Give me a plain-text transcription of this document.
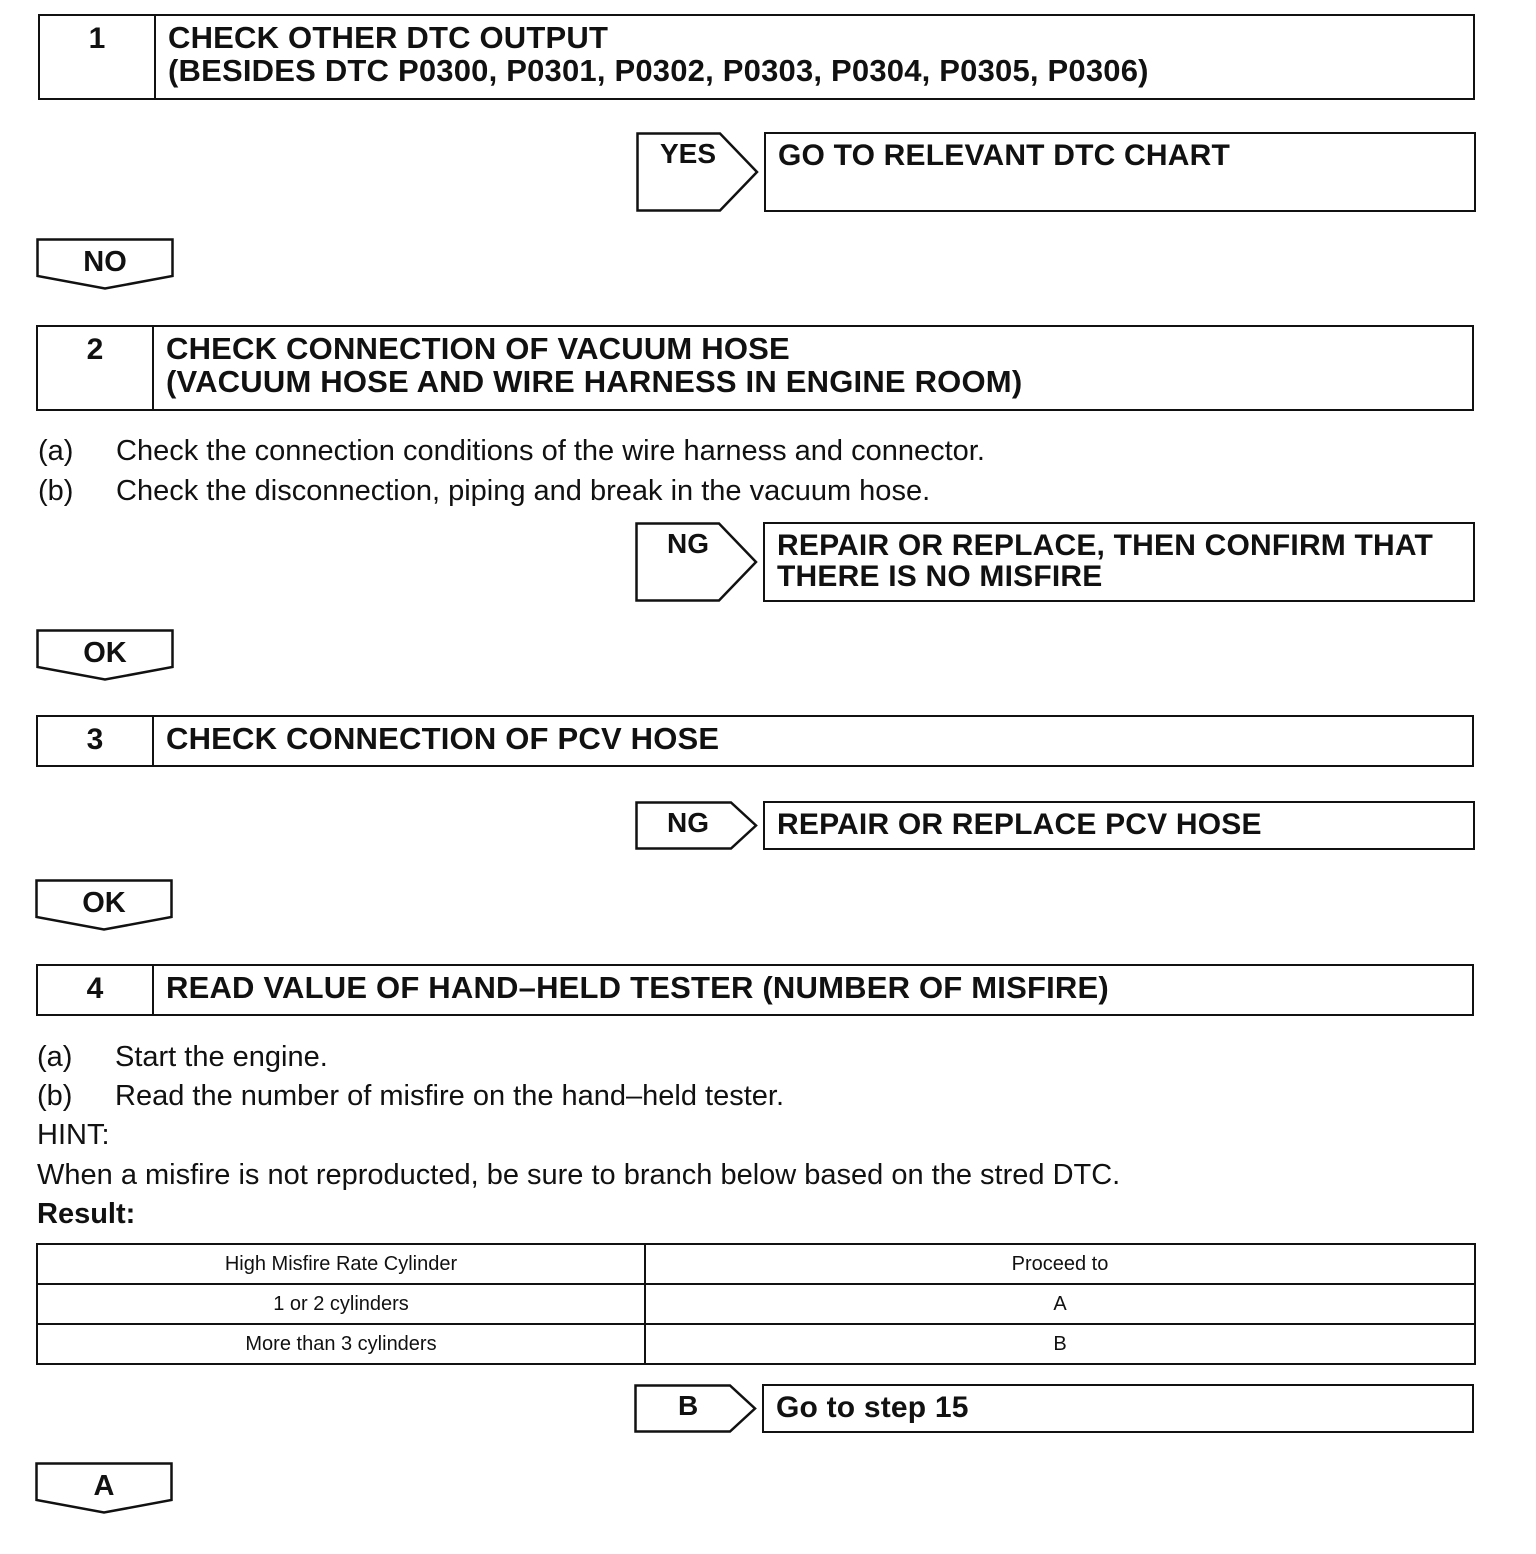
1	CHECK OTHER DTC OUTPUT
(BESIDES DTC P0300, P0301, P0302, P0303, P0304, P0305, P0306)
YES GO TO RELEVANT DTC CHART
NO
2	CHECK CONNECTION OF VACUUM HOSE
(VACUUM HOSE AND WIRE HARNESS IN ENGINE ROOM)
(a) Check the connection conditions of the wire harness and connector.
(b) Check the disconnection, piping and break in the vacuum hose.
NG REPAIR OR REPLACE, THEN CONFIRM THAT
THERE IS NO MISFIRE
OK
3	CHECK CONNECTION OF PCV HOSE
NG REPAIR OR REPLACE PCV HOSE
OK
4	READ VALUE OF HAND–HELD TESTER (NUMBER OF MISFIRE)
(a) Start the engine.
(b) Read the number of misfire on the hand–held tester.
HINT:
When a misfire is not reproducted, be sure to branch below based on the stred DTC.
Result:
High Misfire Rate Cylinder	Proceed to
1 or 2 cylinders	A
More than 3 cylinders	B
B	Go to step 15
A
